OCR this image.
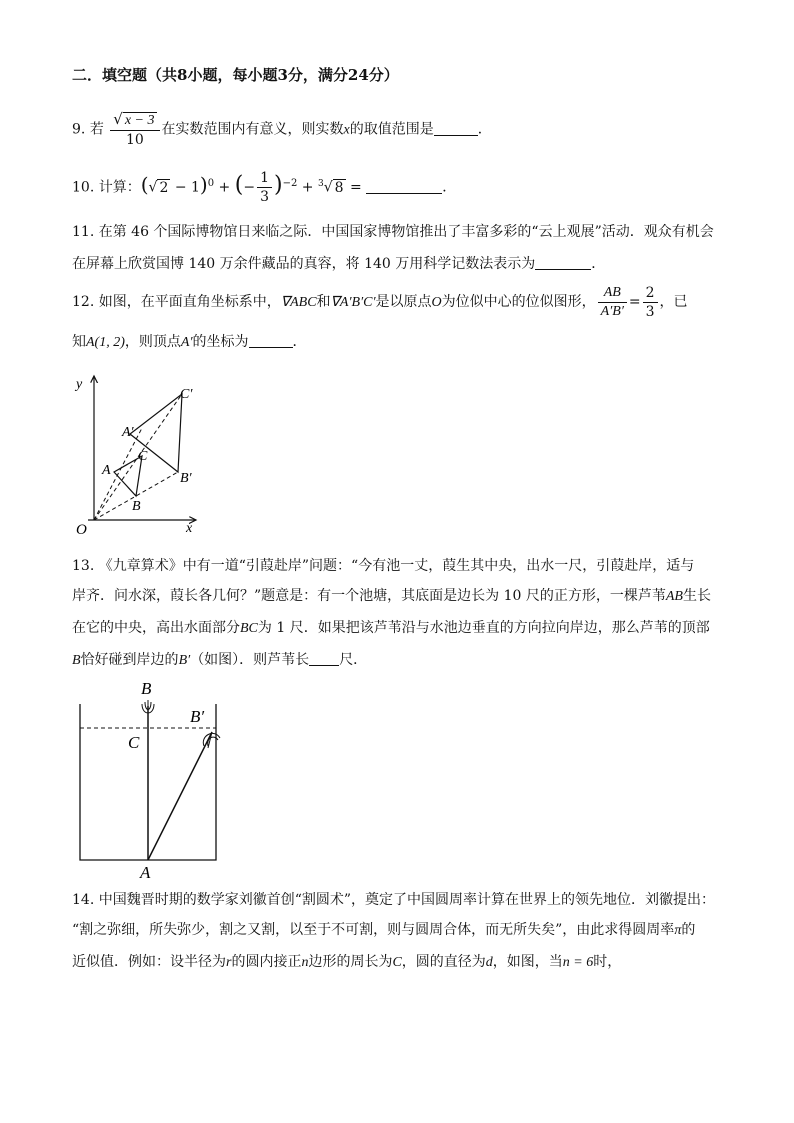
二．填空题（共8小题，每小题3分，满分24分）
9. 若 $\frac{√ x - 3}{10}$ 在实数范围内有意义，则实数x的取值范围是	．
10. 计算：(√ 2 − 1)$^0$ + (− $\frac{1}{3} )^{-2} + ^3√$ 8 =	．
11. 在第 46 个国际博物馆日来临之际．中国国家博物馆推出了丰富多彩的“云上观展”活动．观众有机会
在屏幕上欣赏国博 140 万余件藏品的真容，将 140 万用科学记数法表示为	．
12. 如图，在平面直角坐标系中，∇ABC和∇A′B′C′是以原点O为位似中心的位似图形， $\frac{AB}{A'B'} = \frac{2}{3}$ ，已
知A(1, 2)，则顶点A′的坐标为	．
y
x
O
A
B
C
A′
B′
C′
13. 《九章算术》中有一道“引葭赴岸”问题：“今有池一丈，葭生其中央，出水一尺，引葭赴岸，适与
岸齐．问水深，葭长各几何？”题意是：有一个池塘，其底面是边长为 10 尺的正方形，一棵芦苇AB生长
在它的中央，高出水面部分BC为 1 尺．如果把该芦苇沿与水池边垂直的方向拉向岸边，那么芦苇的顶部
B恰好碰到岸边的B′（如图）．则芦苇长 尺．
B
B′
C
A
14. 中国魏晋时期的数学家刘徽首创“割圆术”，奠定了中国圆周率计算在世界上的领先地位．刘徽提出：
“割之弥细，所失弥少，割之又割，以至于不可割，则与圆周合体，而无所失矣”，由此求得圆周率π的
近似值．例如：设半径为r的圆内接正n边形的周长为C，圆的直径为d，如图，当n = 6时，
